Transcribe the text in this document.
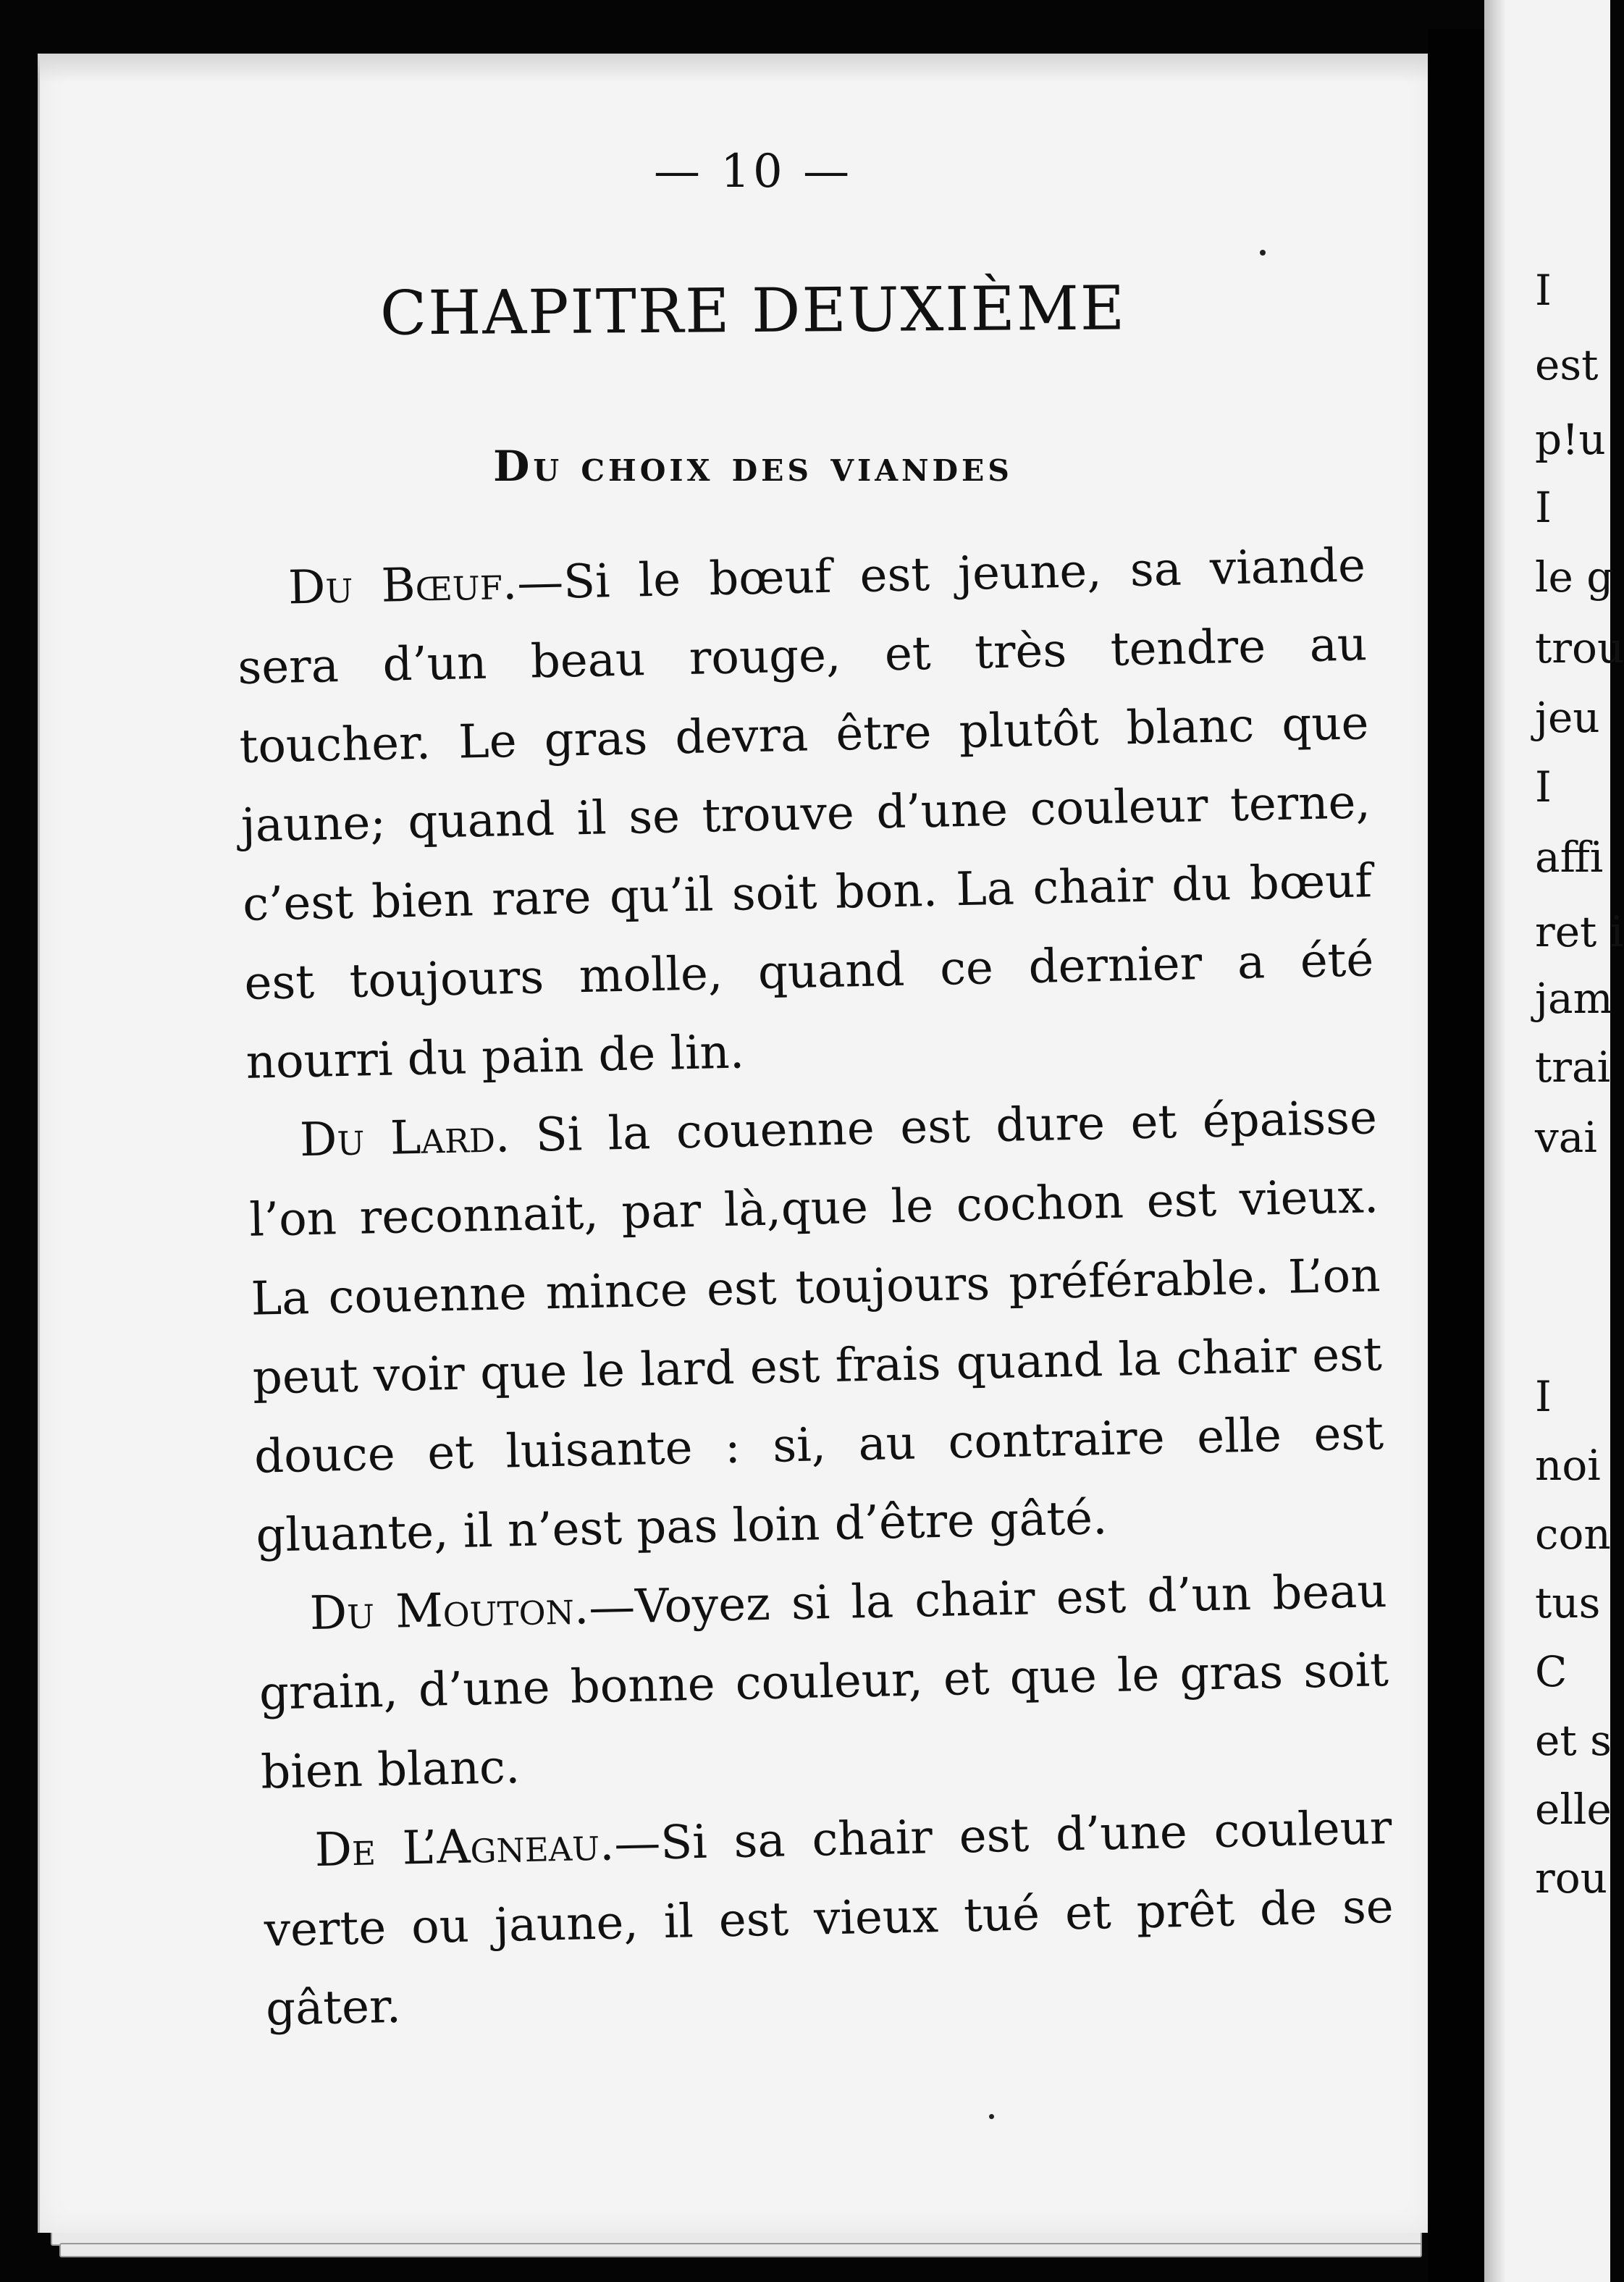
I
est
p!u
I
le g
trou
jeu
I
affi
ret i
jam
trai
vai
I
noi
con
tus
C
et s
elle
rou
— 10 —
CHAPITRE DEUXIÈME
Du choix des viandes

Du Bœuf.—Si le bœuf est jeune, sa viande sera d’un beau rouge, et très tendre au toucher. Le gras devra être plutôt blanc que jaune; quand il se trouve d’une couleur terne, c’est bien rare qu’il soit bon. La chair du bœuf est toujours molle, quand ce dernier a été nourri du pain de lin.

Du Lard. Si la couenne est dure et épaisse l’on reconnait, par là,que le cochon est vieux. La couenne mince est toujours préférable. L’on peut voir que le lard est frais quand la chair est douce et luisante : si, au contraire elle est gluante, il n’est pas loin d’être gâté.

Du Mouton.—Voyez si la chair est d’un beau grain, d’une bonne couleur, et que le gras soit bien blanc.

De L’Agneau.—Si sa chair est d’une couleur verte ou jaune, il est vieux tué et prêt de se gâter.
